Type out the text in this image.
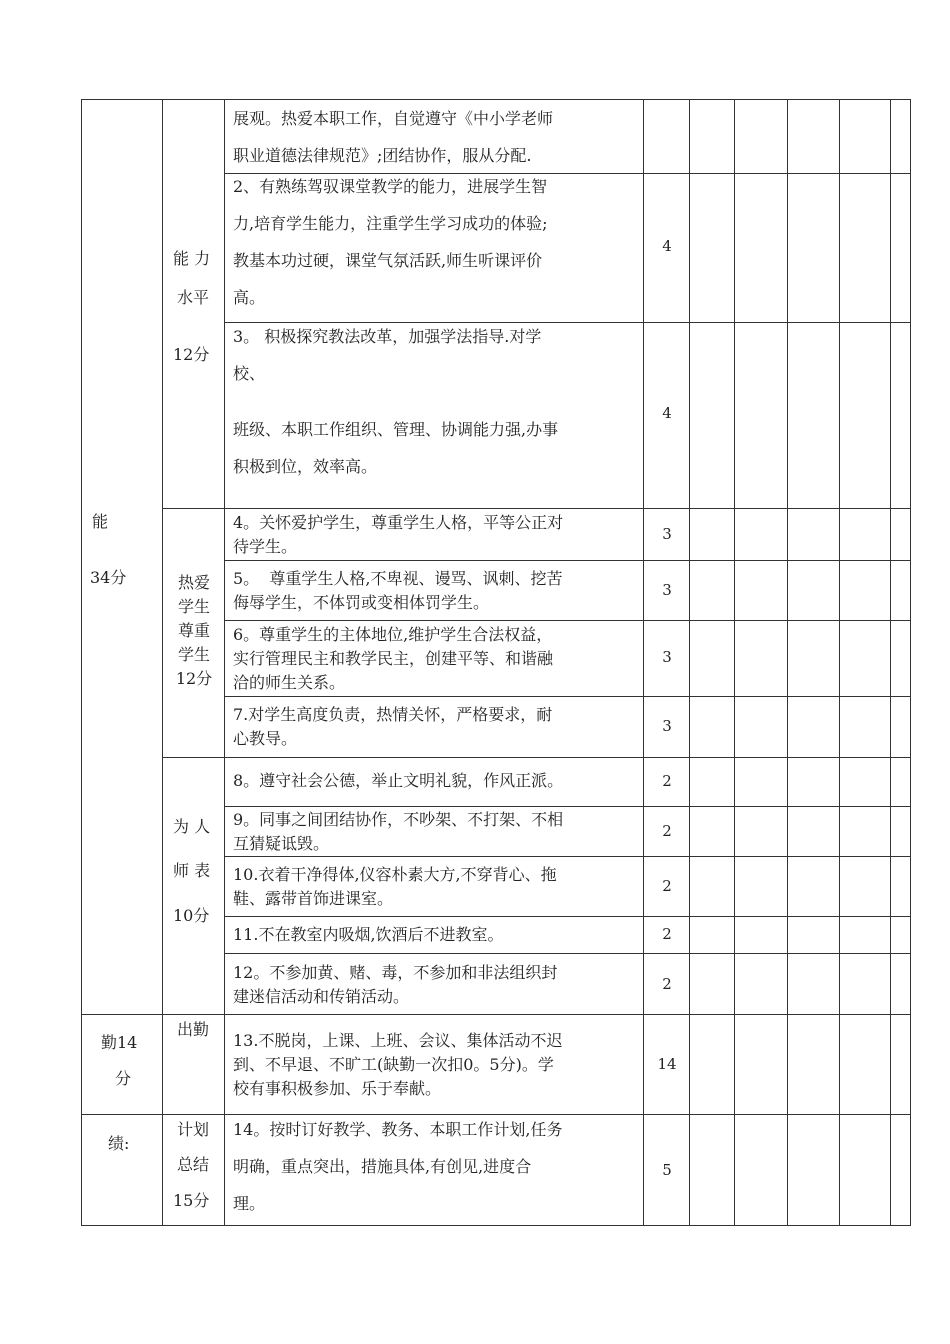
能
34分
勤14
分
绩:
能 力
水平
12分
热爱
学生
尊重
学生
12分
为 人
师 表
10分
出勤
计划
总结
15分
展观。热爱本职工作，自觉遵守《中小学老师
职业道德法律规范》;团结协作，服从分配.
2、有熟练驾驭课堂教学的能力，进展学生智
力,培育学生能力，注重学生学习成功的体验;
教基本功过硬，课堂气氛活跃,师生听课评价
高。
4
3。 积极探究教法改革，加强学法指导.对学
校、
班级、本职工作组织、管理、协调能力强,办事
积极到位，效率高。
4
4。关怀爱护学生，尊重学生人格，平等公正对
待学生。
3
5。  尊重学生人格,不卑视、谩骂、讽刺、挖苦
侮辱学生，不体罚或变相体罚学生。
3
6。尊重学生的主体地位,维护学生合法权益，
实行管理民主和教学民主，创建平等、和谐融
洽的师生关系。
3
7.对学生高度负责，热情关怀，严格要求，耐
心教导。
3
8。遵守社会公德，举止文明礼貌，作风正派。	2
9。同事之间团结协作，不吵架、不打架、不相
互猜疑诋毁。
2
10.衣着干净得体,仪容朴素大方,不穿背心、拖
鞋、露带首饰进课室。
2
11.不在教室内吸烟,饮酒后不进教室。	2
12。不参加黄、赌、毒，不参加和非法组织封
建迷信活动和传销活动。
2
13.不脱岗，上课、上班、会议、集体活动不迟
到、不早退、不旷工(缺勤一次扣0。5分)。学
校有事积极参加、乐于奉献。
14
14。按时订好教学、教务、本职工作计划,任务
明确，重点突出，措施具体,有创见,进度合
理。
5
